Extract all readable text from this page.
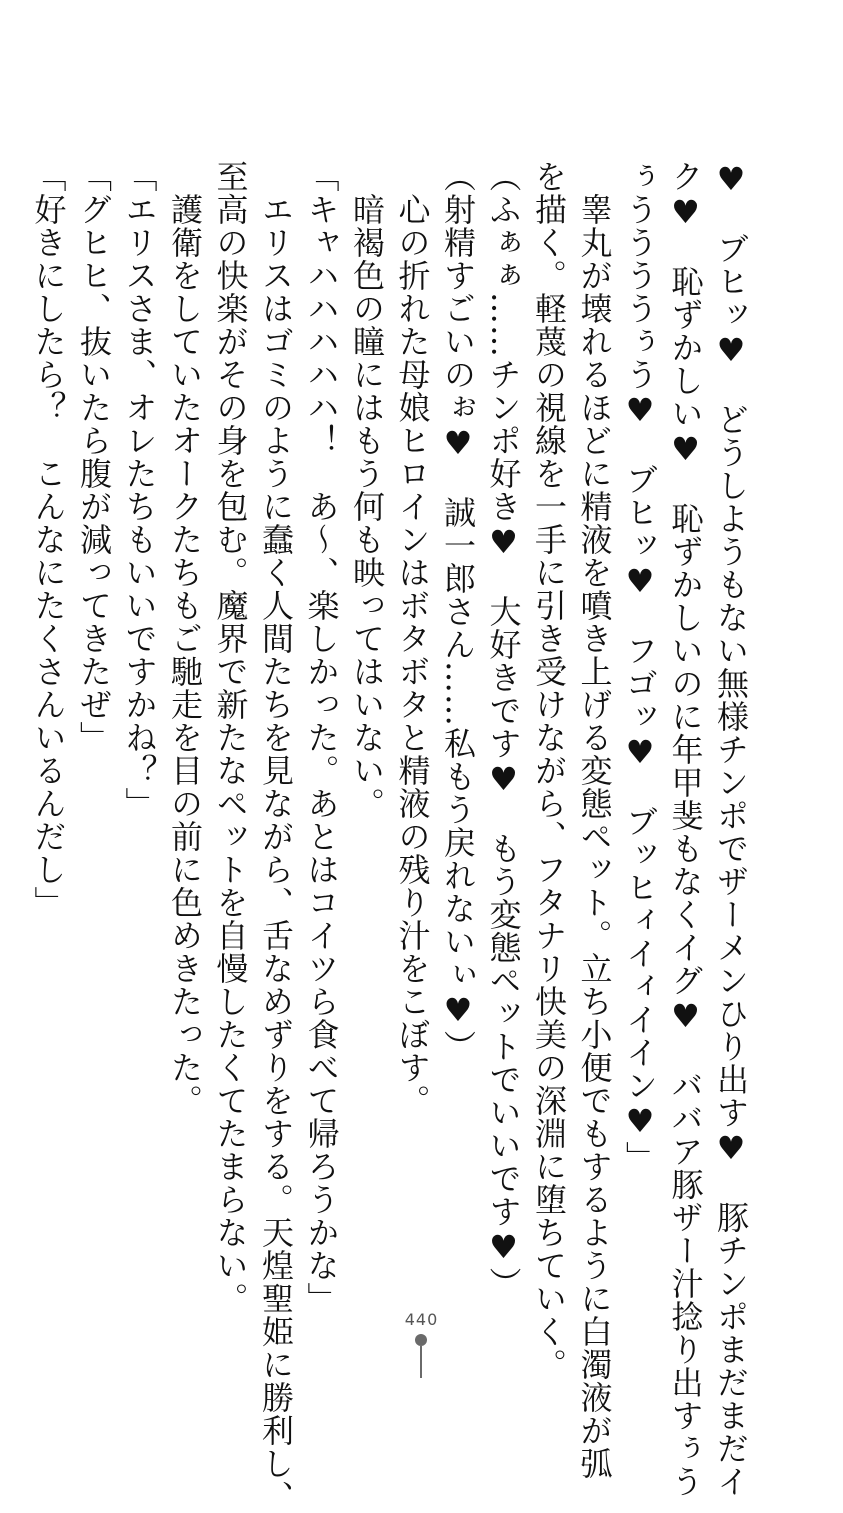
♥　ブヒッ♥　どうしようもない無様チンポでザーメンひり出す♥　豚チンポまだまだイ
ク♥　恥ずかしい♥　恥ずかしいのに年甲斐もなくイグ♥　ババア豚ザー汁捻り出すぅう
ぅううううぅう♥　ブヒッ♥　フゴッ♥　ブッヒィイィイイン♥」
　睾丸が壊れるほどに精液を噴き上げる変態ペット。立ち小便でもするように白濁液が弧
を描く。軽蔑の視線を一手に引き受けながら、フタナリ快美の深淵に堕ちていく。
（ふぁぁ……チンポ好き♥　大好きです♥　もう変態ペットでいいです♥）
（射精すごいのぉ♥　誠一郎さん……私もう戻れないぃ♥）
　心の折れた母娘ヒロインはボタボタと精液の残り汁をこぼす。
　暗褐色の瞳にはもう何も映ってはいない。
「キャハハハハハ！　あ〜、楽しかった。あとはコイツら食べて帰ろうかな」
　エリスはゴミのように蠢く人間たちを見ながら、舌なめずりをする。天煌聖姫に勝利し、
至高の快楽がその身を包む。魔界で新たなペットを自慢したくてたまらない。
　護衛をしていたオークたちもご馳走を目の前に色めきたった。
「エリスさま、オレたちもいいですかね？」
「グヒヒ、抜いたら腹が減ってきたぜ」
「好きにしたら？　こんなにたくさんいるんだし」
440
